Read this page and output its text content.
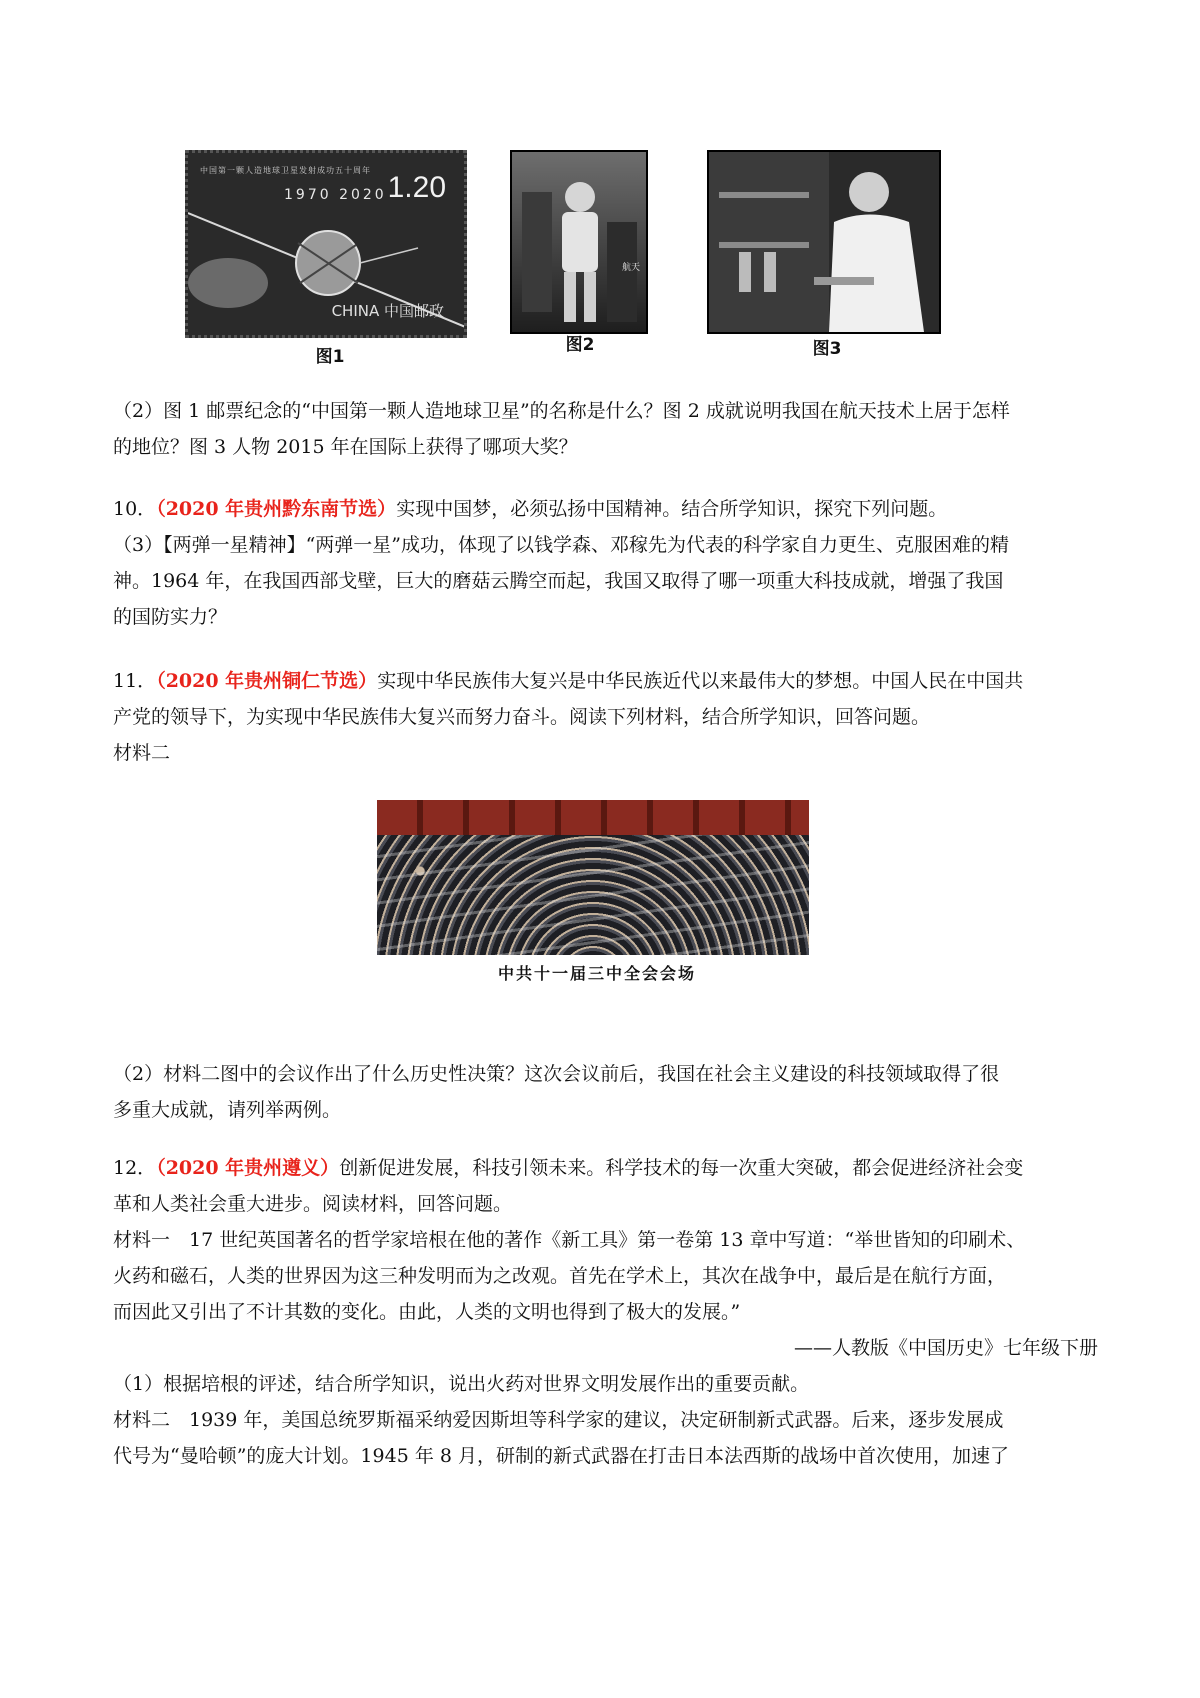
中国第一颗人造地球卫星发射成功五十周年
1970 2020 1.20
CHINA 中国邮政
图1
航天
图2	图3
（2）图 1 邮票纪念的“中国第一颗人造地球卫星”的名称是什么？图 2 成就说明我国在航天技术上居于怎样
的地位？图 3 人物 2015 年在国际上获得了哪项大奖？
10．（2020 年贵州黔东南节选）实现中国梦，必须弘扬中国精神。结合所学知识，探究下列问题。
（3）【两弹一星精神】“两弹一星”成功，体现了以钱学森、邓稼先为代表的科学家自力更生、克服困难的精
神。1964 年，在我国西部戈壁，巨大的磨菇云腾空而起，我国又取得了哪一项重大科技成就，增强了我国
的国防实力？
11．（2020 年贵州铜仁节选）实现中华民族伟大复兴是中华民族近代以来最伟大的梦想。中国人民在中国共
产党的领导下，为实现中华民族伟大复兴而努力奋斗。阅读下列材料，结合所学知识，回答问题。
材料二
中共十一届三中全会会场
（2）材料二图中的会议作出了什么历史性决策？这次会议前后，我国在社会主义建设的科技领域取得了很
多重大成就，请列举两例。
12．（2020 年贵州遵义）创新促进发展，科技引领未来。科学技术的每一次重大突破，都会促进经济社会变
革和人类社会重大进步。阅读材料，回答问题。
材料一　17 世纪英国著名的哲学家培根在他的著作《新工具》第一卷第 13 章中写道：“举世皆知的印刷术、
火药和磁石，人类的世界因为这三种发明而为之改观。首先在学术上，其次在战争中，最后是在航行方面，
而因此又引出了不计其数的变化。由此，人类的文明也得到了极大的发展。”
——人教版《中国历史》七年级下册
（1）根据培根的评述，结合所学知识，说出火药对世界文明发展作出的重要贡献。
材料二　1939 年，美国总统罗斯福采纳爱因斯坦等科学家的建议，决定研制新式武器。后来，逐步发展成
代号为“曼哈顿”的庞大计划。1945 年 8 月，研制的新式武器在打击日本法西斯的战场中首次使用，加速了
